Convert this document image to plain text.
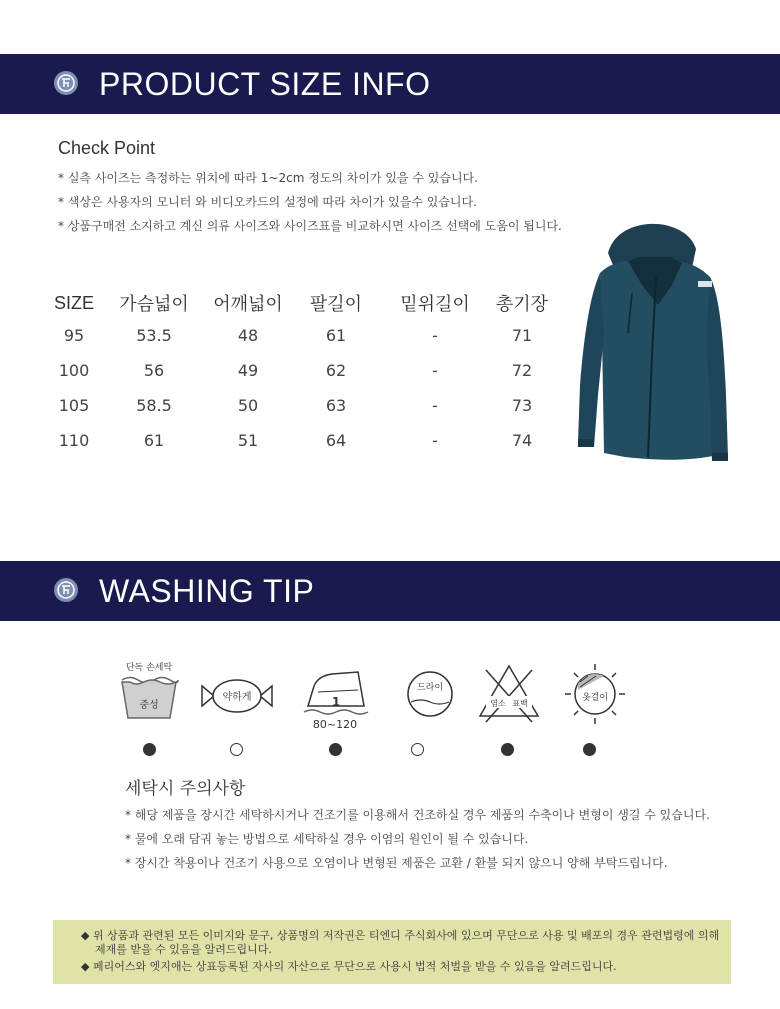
PRODUCT SIZE INFO
Check Point
* 실측 사이즈는 측정하는 위치에 따라 1~2cm 정도의 차이가 있을 수 있습니다.
* 색상은 사용자의 모니터 와 비디오카드의 설정에 따라 차이가 있을수 있습니다.
* 상품구매전 소지하고 계신 의류 사이즈와 사이즈표를 비교하시면 사이즈 선택에 도움이 됩니다.
SIZE	가슴넓이	어깨넓이	팔길이	밑위길이	총기장
95	53.5	48	61	-	71
100	56	49	62	-	72
105	58.5	50	63	-	73
110	61	51	64	-	74
WASHING TIP
단독 손세탁
중성
약하게	1
80~120
드라이
염소 표백
옷걸이
세탁시 주의사항
* 해당 제품을 장시간 세탁하시거나 건조기를 이용해서 건조하실 경우 제품의 수축이나 변형이 생길 수 있습니다.
* 물에 오래 담궈 놓는 방법으로 세탁하실 경우 이염의 원인이 될 수 있습니다.
* 장시간 착용이나 건조기 사용으로 오염이나 변형된 제품은 교환 / 환불 되지 않으니 양해 부탁드립니다.
◆ 위 상품과 관련된 모든 이미지와 문구, 상품명의 저작권은 티엔디 주식회사에 있으며 무단으로 사용 및 배포의 경우 관련법령에 의해
제재를 받을 수 있음을 알려드립니다.
◆ 페리어스와 엣지애는 상표등록된 자사의 자산으로 무단으로 사용시 법적 처벌을 받을 수 있음을 알려드립니다.
